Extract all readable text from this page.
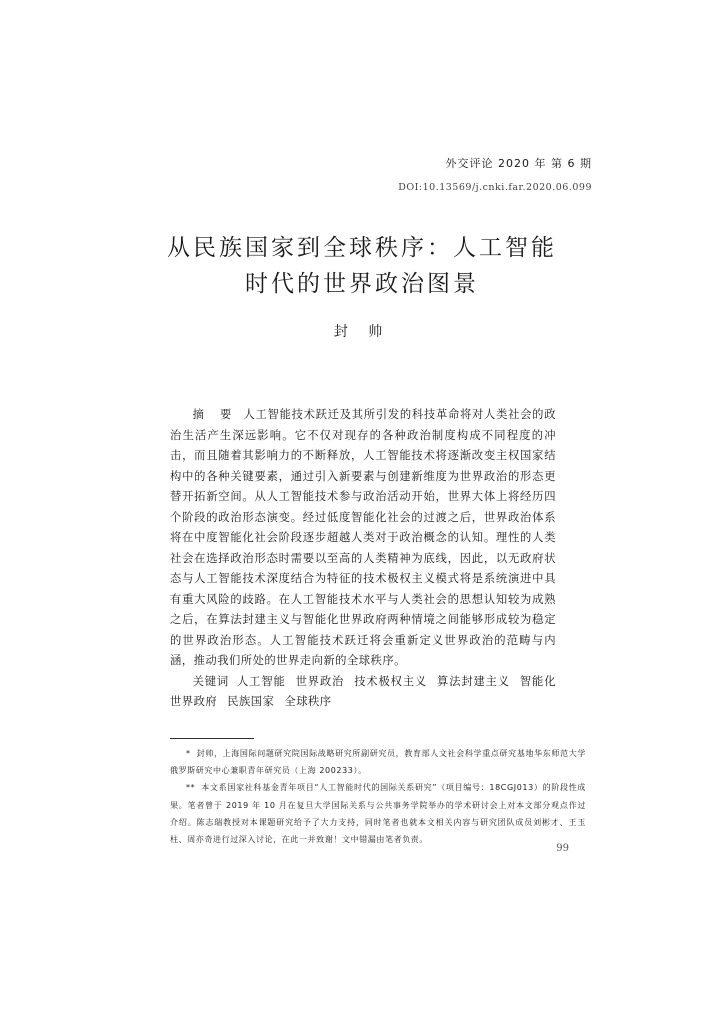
外交评论 2020 年 第 6 期
DOI:10.13569/j.cnki.far.2020.06.099
从民族国家到全球秩序：人工智能
时代的世界政治图景
封 帅

摘 要 人工智能技术跃迁及其所引发的科技革命将对人类社会的政治生活产生深远影响。它不仅对现存的各种政治制度构成不同程度的冲击，而且随着其影响力的不断释放，人工智能技术将逐渐改变主权国家结构中的各种关键要素，通过引入新要素与创建新维度为世界政治的形态更替开拓新空间。从人工智能技术参与政治活动开始，世界大体上将经历四个阶段的政治形态演变。经过低度智能化社会的过渡之后，世界政治体系将在中度智能化社会阶段逐步超越人类对于政治概念的认知。理性的人类社会在选择政治形态时需要以至高的人类精神为底线，因此，以无政府状态与人工智能技术深度结合为特征的技术极权主义模式将是系统演进中具有重大风险的歧路。在人工智能技术水平与人类社会的思想认知较为成熟之后，在算法封建主义与智能化世界政府两种情境之间能够形成较为稳定的世界政治形态。人工智能技术跃迁将会重新定义世界政治的范畴与内涵，推动我们所处的世界走向新的全球秩序。

关键词 人工智能 世界政治 技术极权主义 算法封建主义 智能化世界政府 民族国家 全球秩序

* 封帅，上海国际问题研究院国际战略研究所副研究员，教育部人文社会科学重点研究基地华东师范大学俄罗斯研究中心兼职青年研究员（上海 200233）。

** 本文系国家社科基金青年项目“人工智能时代的国际关系研究”（项目编号：18CGJ013）的阶段性成果。笔者曾于 2019 年 10 月在复旦大学国际关系与公共事务学院举办的学术研讨会上对本文部分观点作过介绍。陈志瑞教授对本课题研究给予了大力支持，同时笔者也就本文相关内容与研究团队成员刘彬才、王玉柱、周亦奇进行过深入讨论，在此一并致谢！文中错漏由笔者负责。

99
